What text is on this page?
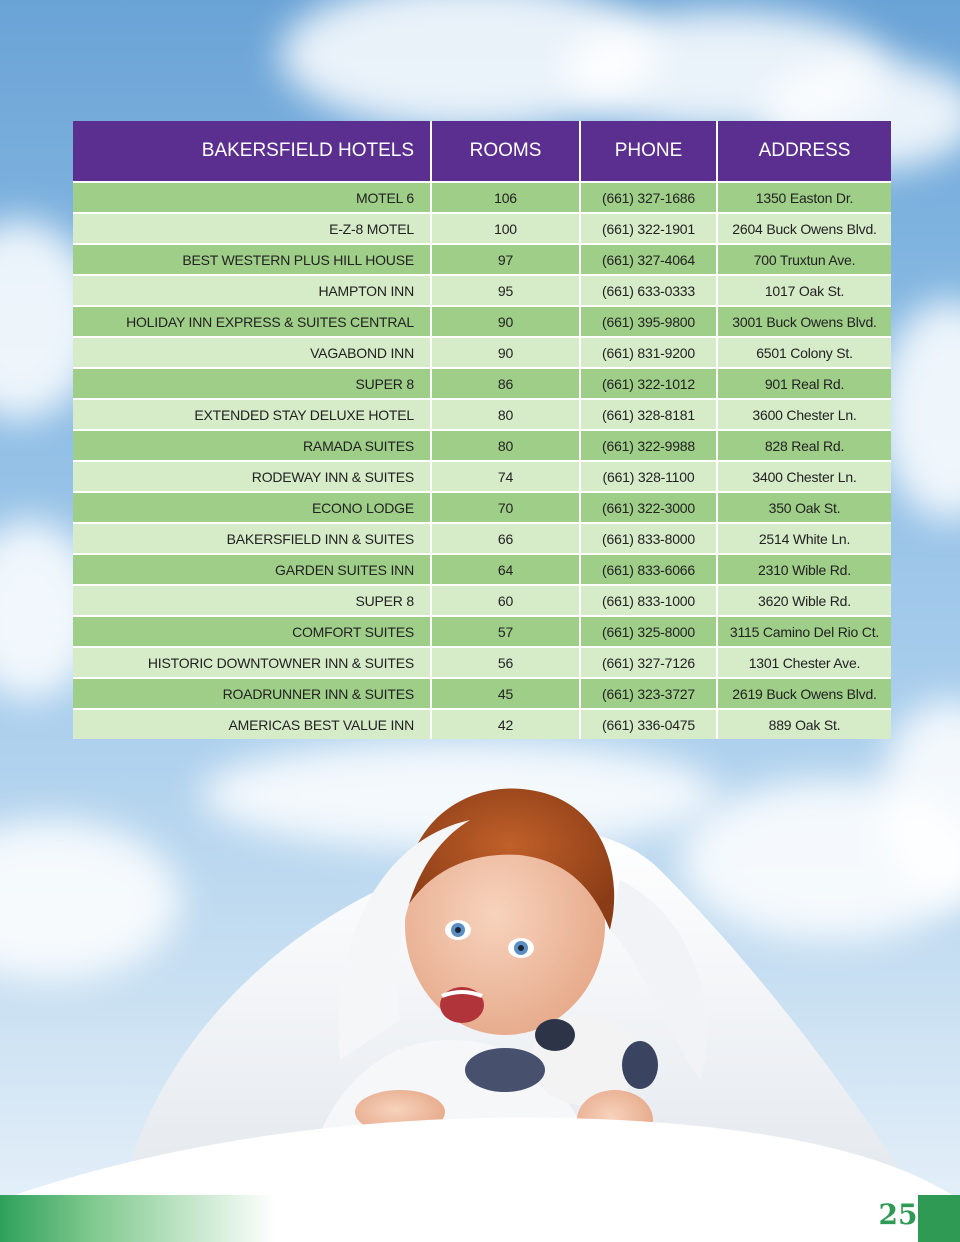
BAKERSFIELD HOTELS	ROOMS	PHONE	ADDRESS
MOTEL 6	106	(661) 327-1686	1350 Easton Dr.
E-Z-8 MOTEL	100	(661) 322-1901	2604 Buck Owens Blvd.
BEST WESTERN PLUS HILL HOUSE	97	(661) 327-4064	700 Truxtun Ave.
HAMPTON INN	95	(661) 633-0333	1017 Oak St.
HOLIDAY INN EXPRESS & SUITES CENTRAL	90	(661) 395-9800	3001 Buck Owens Blvd.
VAGABOND INN	90	(661) 831-9200	6501 Colony St.
SUPER 8	86	(661) 322-1012	901 Real Rd.
EXTENDED STAY DELUXE HOTEL	80	(661) 328-8181	3600 Chester Ln.
RAMADA SUITES	80	(661) 322-9988	828 Real Rd.
RODEWAY INN & SUITES	74	(661) 328-1100	3400 Chester Ln.
ECONO LODGE	70	(661) 322-3000	350 Oak St.
BAKERSFIELD INN & SUITES	66	(661) 833-8000	2514 White Ln.
GARDEN SUITES INN	64	(661) 833-6066	2310 Wible Rd.
SUPER 8	60	(661) 833-1000	3620 Wible Rd.
COMFORT SUITES	57	(661) 325-8000	3115 Camino Del Rio Ct.
HISTORIC DOWNTOWNER INN & SUITES	56	(661) 327-7126	1301 Chester Ave.
ROADRUNNER INN & SUITES	45	(661) 323-3727	2619 Buck Owens Blvd.
AMERICAS BEST VALUE INN	42	(661) 336-0475	889 Oak St.
25
